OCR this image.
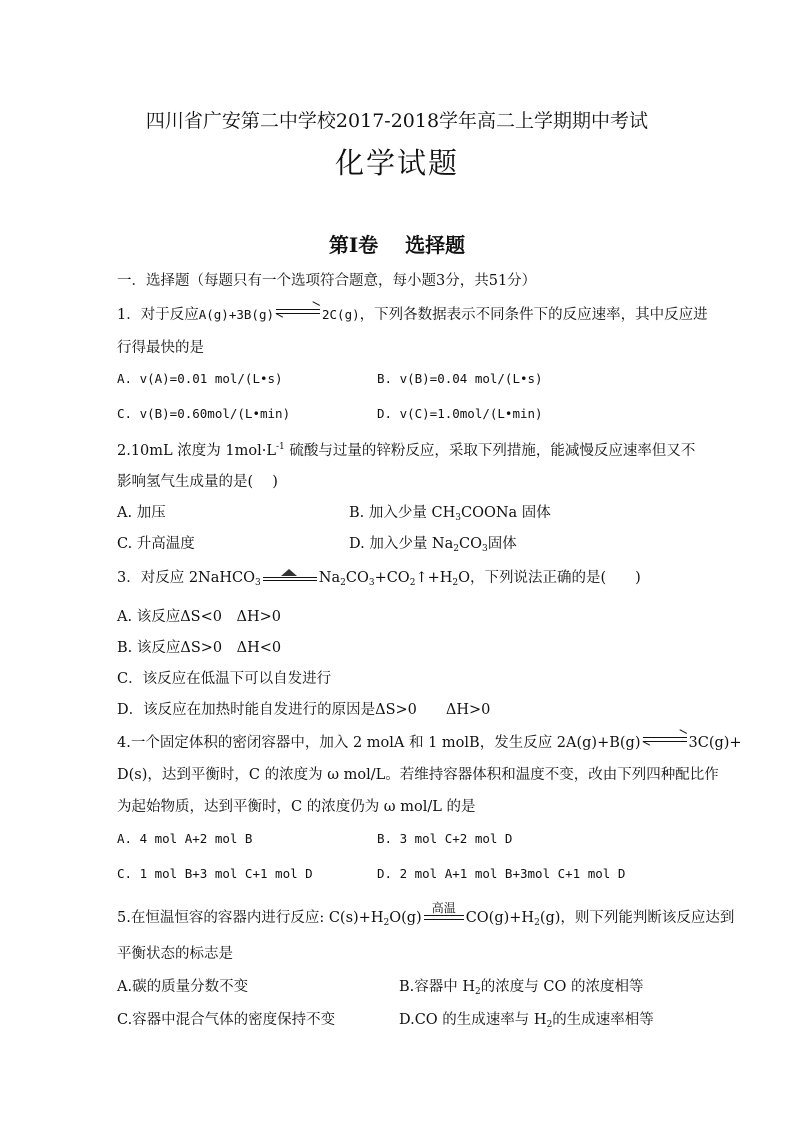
四川省广安第二中学校2017-2018学年高二上学期期中考试
化学试题
第Ⅰ卷　 选择题
一．选择题（每题只有一个选项符合题意，每小题3分，共51分）
1．对于反应A(g)+3B(g) ⇌ 2C(g)，下列各数据表示不同条件下的反应速率，其中反应进
行得最快的是
A. v(A)=0.01 mol/(L•s)	B. v(B)=0.04 mol/(L•s)
C. v(B)=0.60mol/(L•min)	D. v(C)=1.0mol/(L•min)
2.10mL 浓度为 $1mol\cdot L^{-1}$ 硫酸与过量的锌粉反应，采取下列措施，能减慢反应速率但又不
影响氢气生成量的是(　 )
A. 加压	B. 加入少量 $CH_3COONa$ 固体
C. 升高温度	D. 加入少量 $Na_2CO_3$固体
3．对反应 2NaHCO$_3$	$Na_2CO_3+CO_2↑+H_2O$，下列说法正确的是(　　)
A. 该反应ΔS<0　ΔH>0
B. 该反应ΔS>0　ΔH<0
C．该反应在低温下可以自发进行
D．该反应在加热时能自发进行的原因是ΔS>0　　ΔH>0
4.一个固定体积的密闭容器中，加入 2 molA 和 1 molB，发生反应 2A(g)+B(g) ⇌ 3C(g)+
D(s)，达到平衡时，C 的浓度为 ω mol/L。若维持容器体积和温度不变，改由下列四种配比作
为起始物质，达到平衡时，C 的浓度仍为 ω mol/L 的是
A. 4 mol A+2 mol B	B. 3 mol C+2 mol D
C. 1 mol B+3 mol C+1 mol D	D. 2 mol A+1 mol B+3mol C+1 mol D
5.在恒温恒容的容器内进行反应: $C(s)+H_2O(g)$
高温
$CO(g)+H_2(g)$，则下列能判断该反应达到
平衡状态的标志是
A.碳的质量分数不变	B.容器中 $H_2$的浓度与 CO 的浓度相等
C.容器中混合气体的密度保持不变	D.CO 的生成速率与 $H_2$的生成速率相等
